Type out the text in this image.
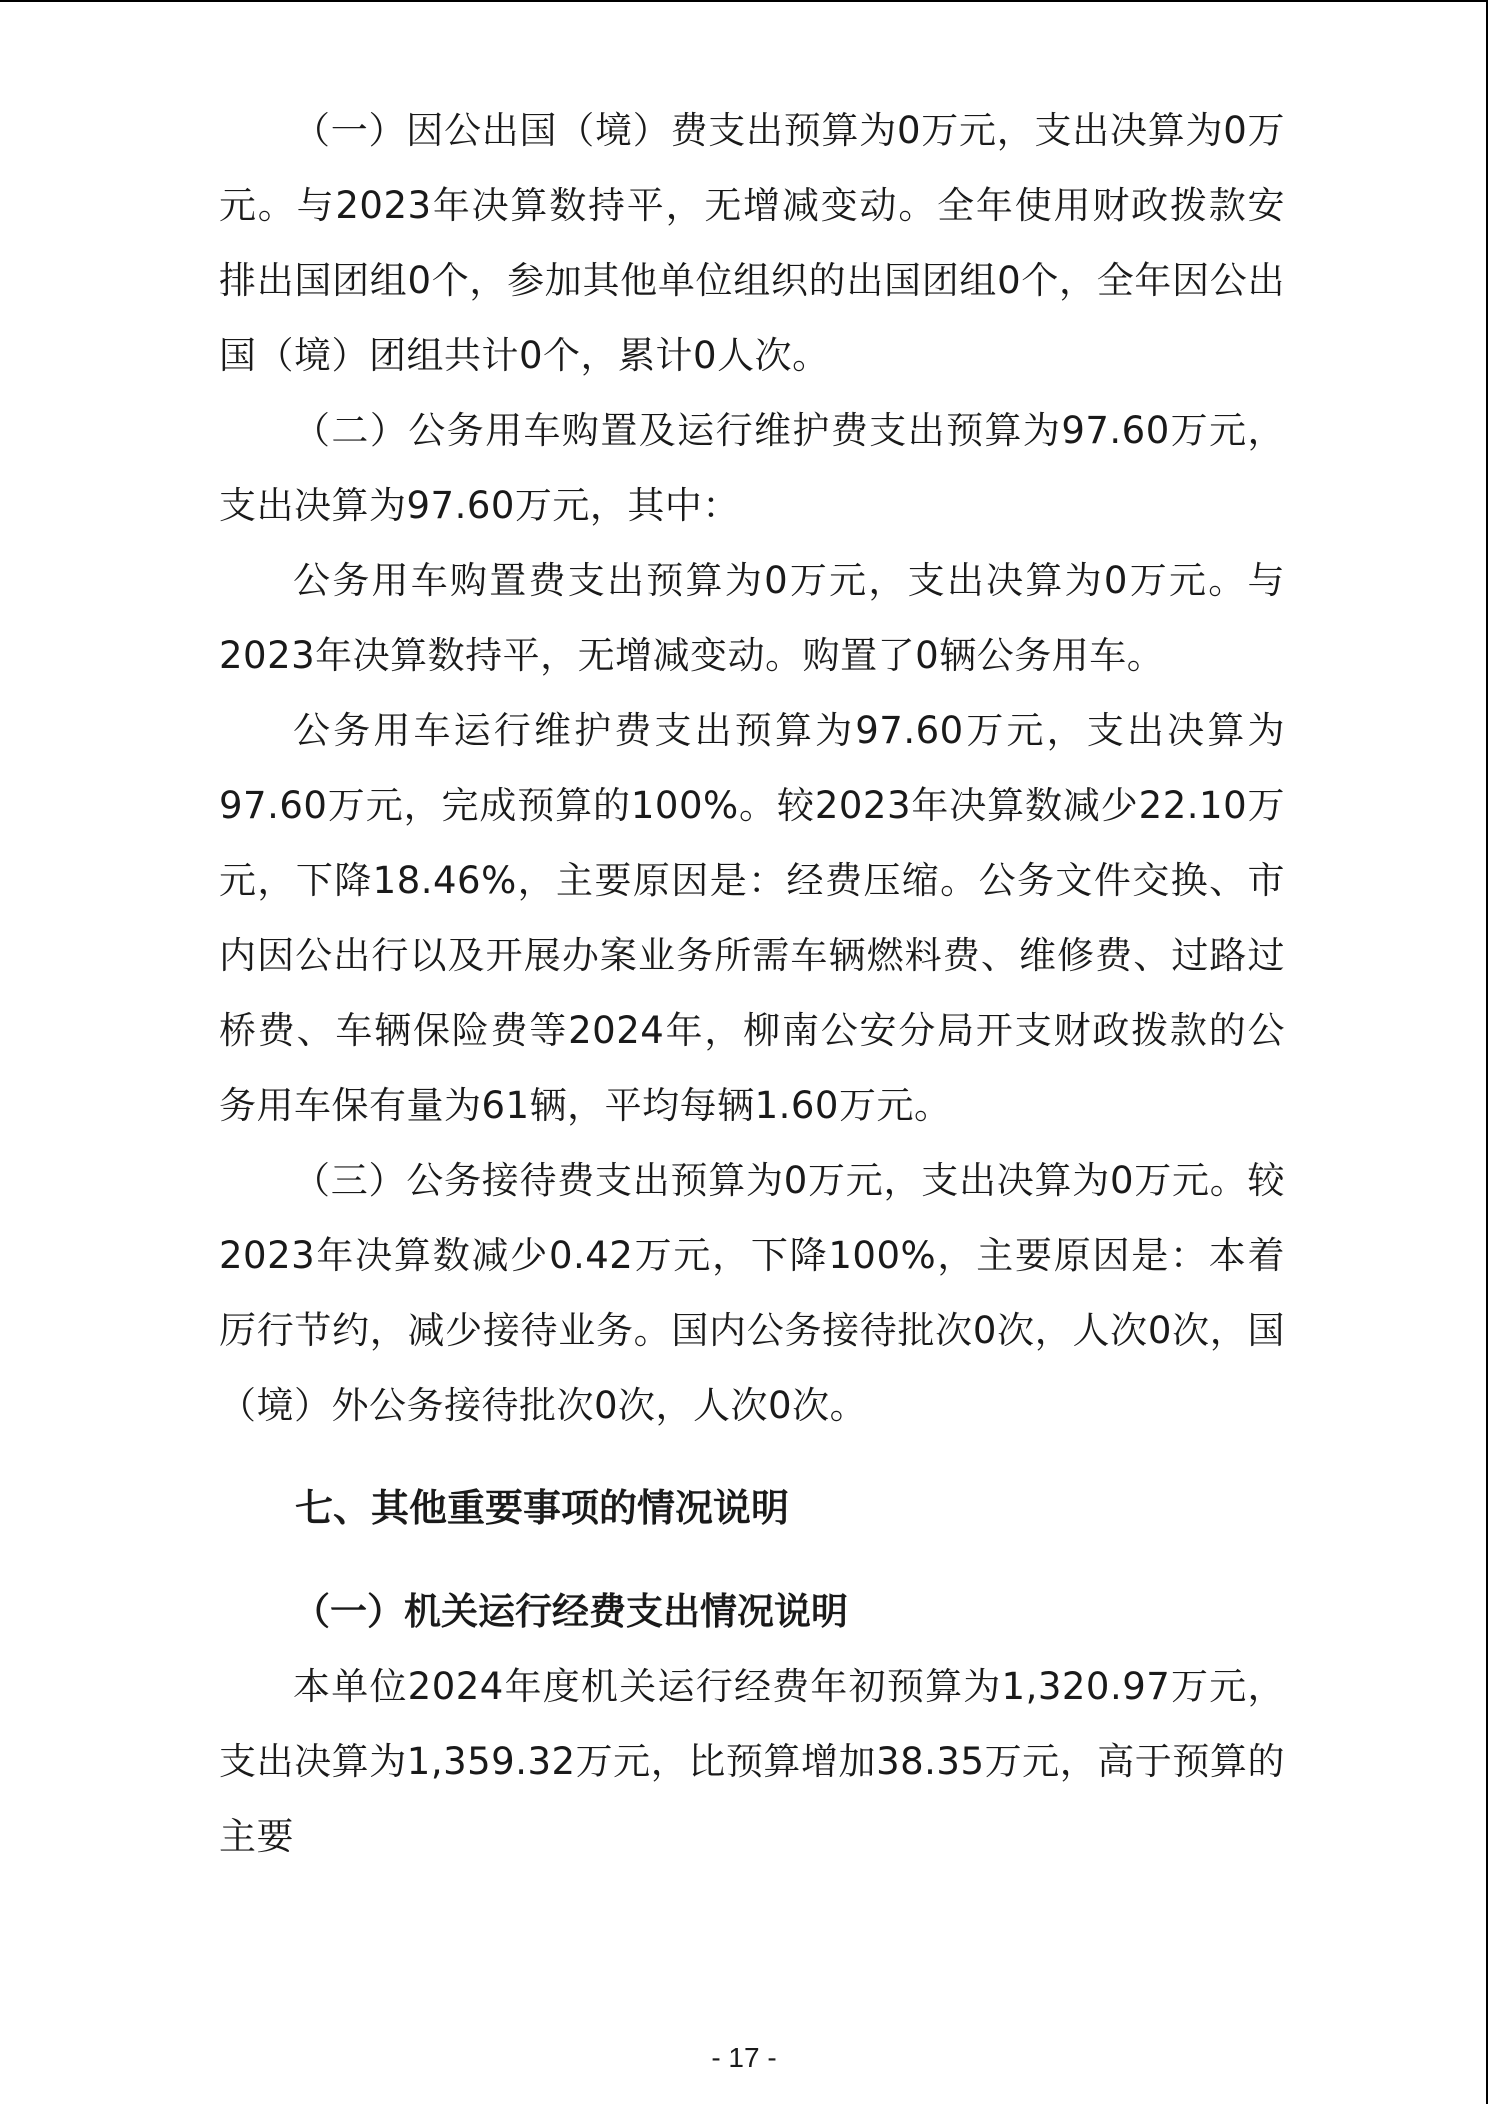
（一）因公出国（境）费支出预算为0万元，支出决算为0万元。与2023年决算数持平，无增减变动。全年使用财政拨款安排出国团组0个，参加其他单位组织的出国团组0个，全年因公出国（境）团组共计0个，累计0人次。

（二）公务用车购置及运行维护费支出预算为97.60万元，支出决算为97.60万元，其中：

公务用车购置费支出预算为0万元，支出决算为0万元。与2023年决算数持平，无增减变动。购置了0辆公务用车。

公务用车运行维护费支出预算为97.60万元，支出决算为97.60万元，完成预算的100%。较2023年决算数减少22.10万元，下降18.46%，主要原因是：经费压缩。公务文件交换、市内因公出行以及开展办案业务所需车辆燃料费、维修费、过路过桥费、车辆保险费等2024年，柳南公安分局开支财政拨款的公务用车保有量为61辆，平均每辆1.60万元。

（三）公务接待费支出预算为0万元，支出决算为0万元。较2023年决算数减少0.42万元，下降100%，主要原因是：本着厉行节约，减少接待业务。国内公务接待批次0次，人次0次，国（境）外公务接待批次0次，人次0次。

七、其他重要事项的情况说明
（一）机关运行经费支出情况说明

本单位2024年度机关运行经费年初预算为1,320.97万元，支出决算为1,359.32万元，比预算增加38.35万元，高于预算的主要

- 17 -
